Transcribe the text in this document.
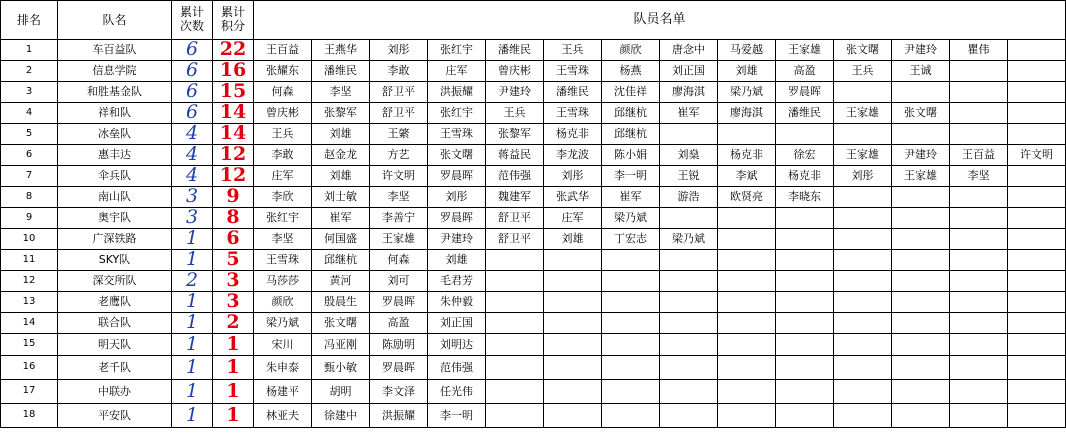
排名	队名	累计次数	累计积分	队员名单													
1	车百益队	6	22	王百益	王燕华	刘彤	张红宇	潘维民	王兵	颜欣	唐念中	马爱越	王家雄	张文曙	尹建玲	瞿伟	
2	信息学院	6	16	张耀东	潘维民	李敢	庄军	曾庆彬	王雪珠	杨燕	刘正国	刘雄	高盈	王兵	王诚		
3	和胜基金队	6	15	何森	李坚	舒卫平	洪振耀	尹建玲	潘维民	沈佳祥	廖海淇	梁乃斌	罗晨晖				
4	祥和队	6	14	曾庆彬	张黎军	舒卫平	张红宇	王兵	王雪珠	邱继杭	崔军	廖海淇	潘维民	王家雄	张文曙		
5	冰垒队	4	14	王兵	刘雄	王綮	王雪珠	张黎军	杨克非	邱继杭							
6	惠丰达	4	12	李敢	赵金龙	方艺	张文曙	蒋益民	李龙波	陈小娟	刘燊	杨克非	徐宏	王家雄	尹建玲	王百益	许文明
7	伞兵队	4	12	庄军	刘雄	许文明	罗晨晖	范伟强	刘彤	李一明	王锐	李斌	杨克非	刘彤	王家雄	李坚	
8	南山队	3	9	李欣	刘士敏	李坚	刘彤	魏建军	张武华	崔军	游浩	欧贤亮	李晓东				
9	奥宇队	3	8	张红宇	崔军	李善宁	罗晨晖	舒卫平	庄军	梁乃斌							
10	广深铁路	1	6	李坚	何国盛	王家雄	尹建玲	舒卫平	刘雄	丁宏志	梁乃斌						
11	SKY队	1	5	王雪珠	邱继杭	何森	刘雄										
12	深交所队	2	3	马莎莎	黄河	刘可	毛君芳										
13	老鹰队	1	3	颜欣	殷晨生	罗晨晖	朱仲毅										
14	联合队	1	2	梁乃斌	张文曙	高盈	刘正国										
15	明天队	1	1	宋川	冯亚刚	陈励明	刘明达										
16	老千队	1	1	朱申泰	甄小敏	罗晨晖	范伟强										
17	中联办	1	1	杨建平	胡明	李文泽	任光伟										
18	平安队	1	1	林亚夫	徐建中	洪振耀	李一明										
